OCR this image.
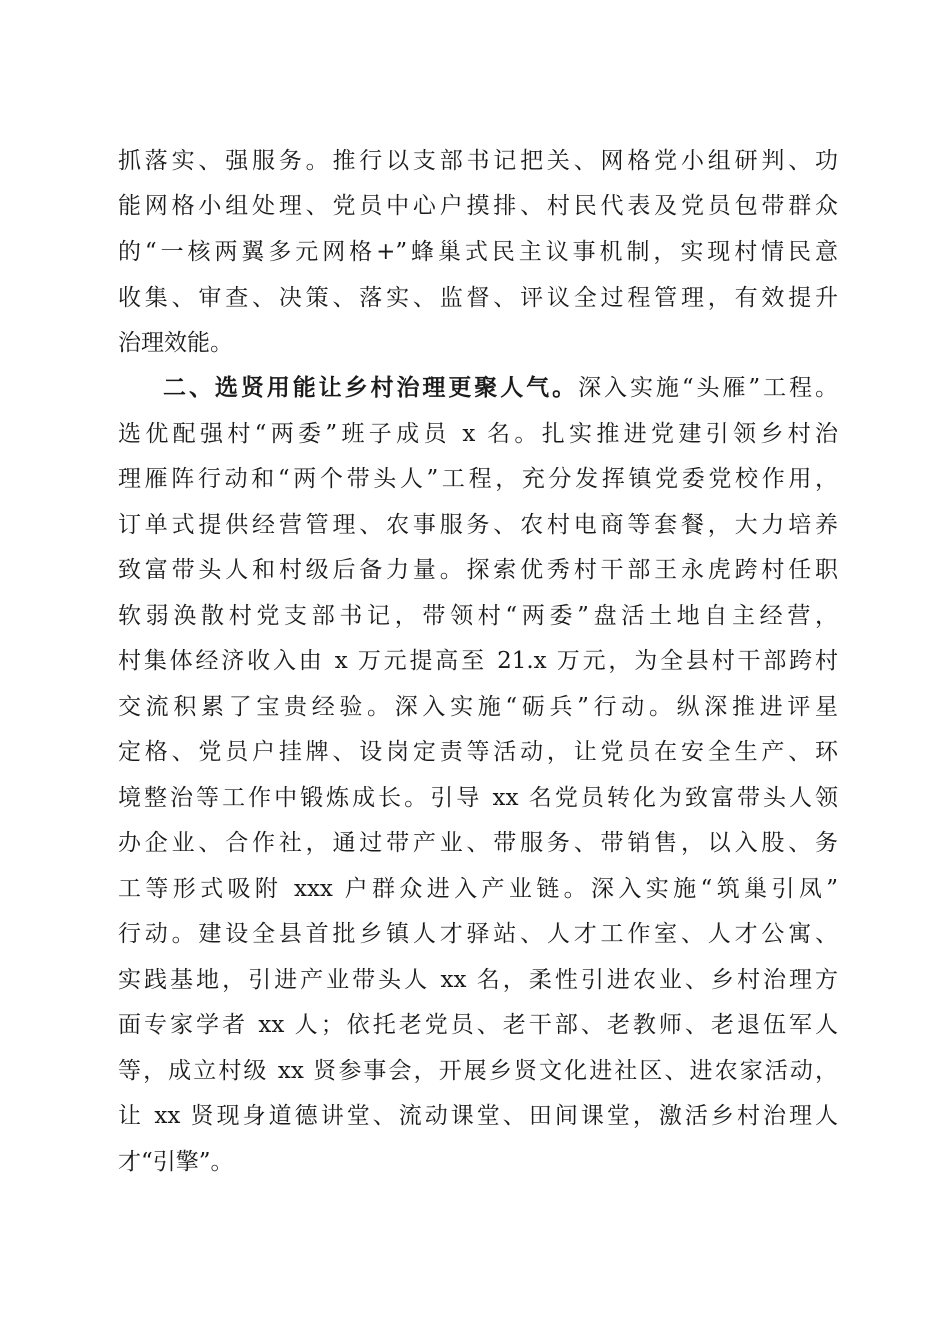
抓落实、强服务。推行以支部书记把关、网格党小组研判、功
能网格小组处理、党员中心户摸排、村民代表及党员包带群众
的“一核两翼多元网格+”蜂巢式民主议事机制，实现村情民意
收集、审查、决策、落实、监督、评议全过程管理，有效提升
治理效能。
二、选贤用能让乡村治理更聚人气。深入实施“头雁”工程。
选优配强村“两委”班子成员 x 名。扎实推进党建引领乡村治
理雁阵行动和“两个带头人”工程，充分发挥镇党委党校作用，
订单式提供经营管理、农事服务、农村电商等套餐，大力培养
致富带头人和村级后备力量。探索优秀村干部王永虎跨村任职
软弱涣散村党支部书记，带领村“两委”盘活土地自主经营，
村集体经济收入由 x 万元提高至 21.x 万元，为全县村干部跨村
交流积累了宝贵经验。深入实施“砺兵”行动。纵深推进评星
定格、党员户挂牌、设岗定责等活动，让党员在安全生产、环
境整治等工作中锻炼成长。引导 xx 名党员转化为致富带头人领
办企业、合作社，通过带产业、带服务、带销售，以入股、务
工等形式吸附 xxx 户群众进入产业链。深入实施“筑巢引凤”
行动。建设全县首批乡镇人才驿站、人才工作室、人才公寓、
实践基地，引进产业带头人 xx 名，柔性引进农业、乡村治理方
面专家学者 xx 人；依托老党员、老干部、老教师、老退伍军人
等，成立村级 xx 贤参事会，开展乡贤文化进社区、进农家活动，
让 xx 贤现身道德讲堂、流动课堂、田间课堂，激活乡村治理人
才“引擎”。
